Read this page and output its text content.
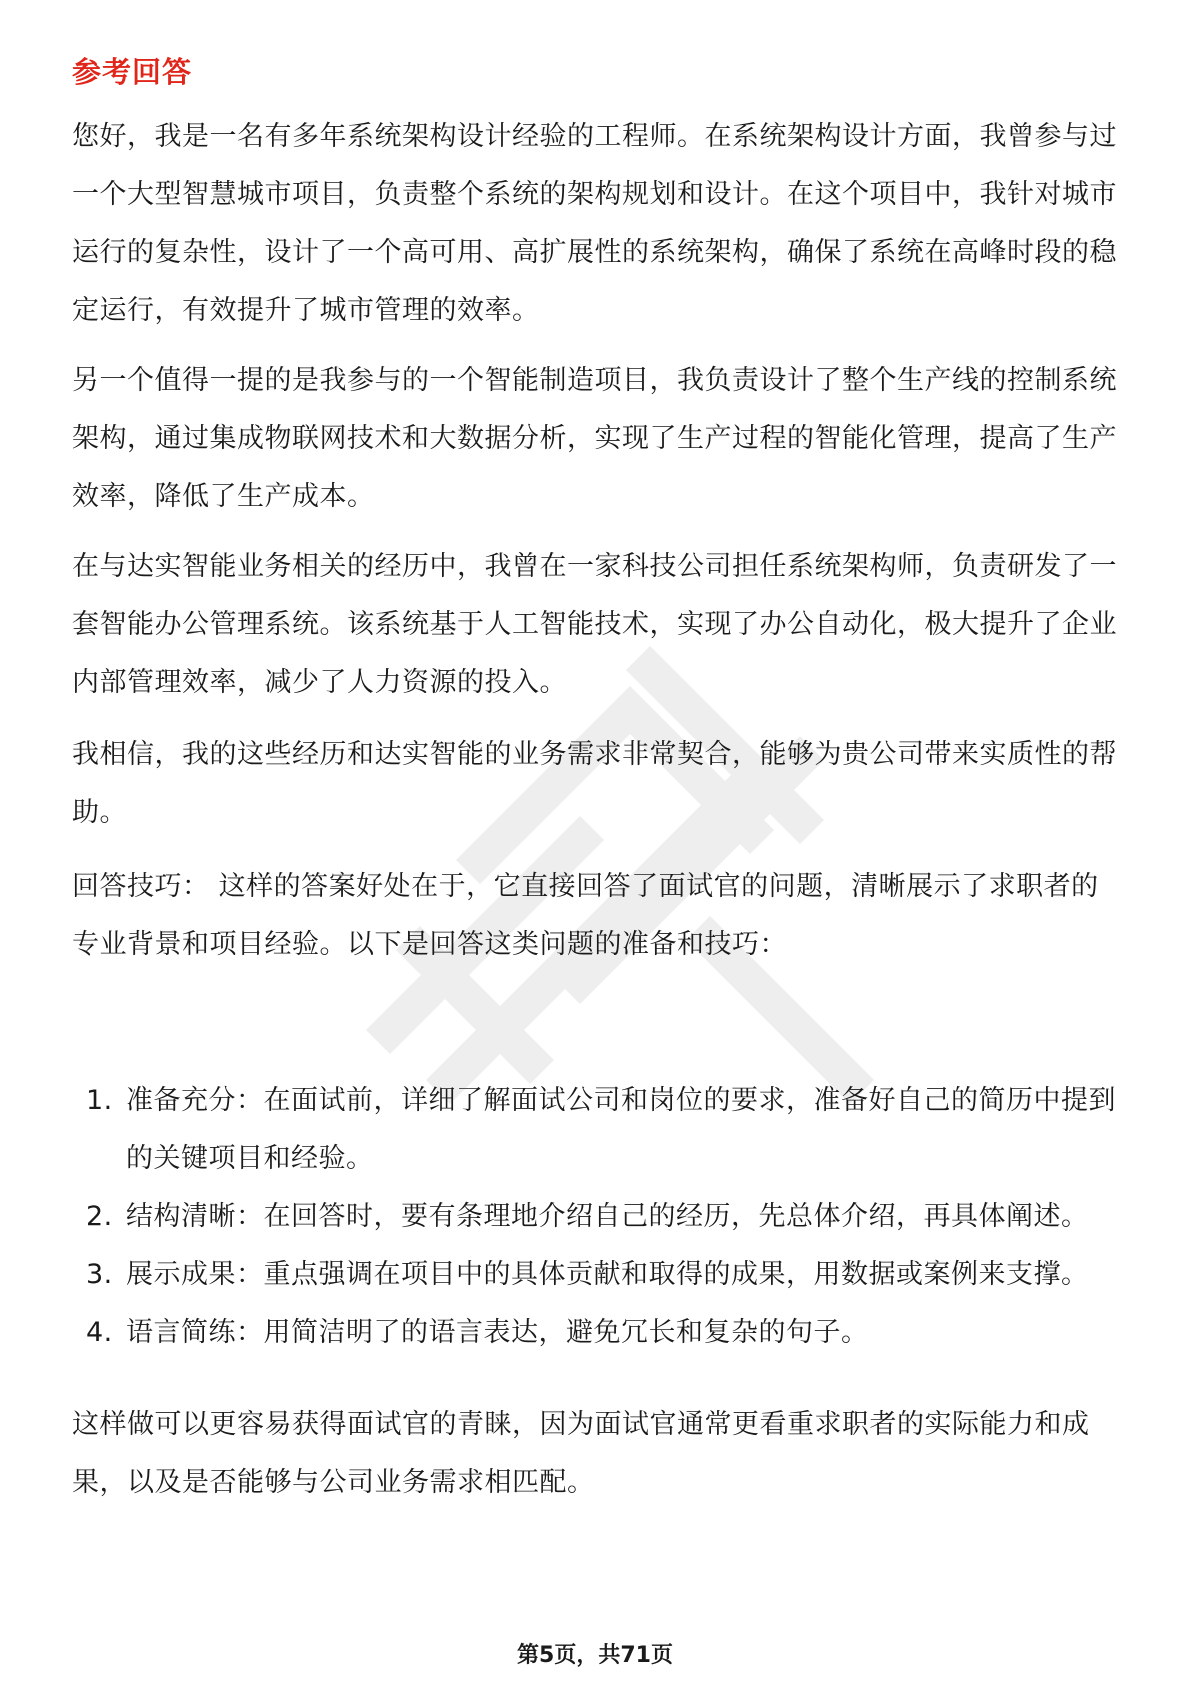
参考回答

您好，我是一名有多年系统架构设计经验的工程师。在系统架构设计方面，我曾参与过一个大型智慧城市项目，负责整个系统的架构规划和设计。在这个项目中，我针对城市运行的复杂性，设计了一个高可用、高扩展性的系统架构，确保了系统在高峰时段的稳定运行，有效提升了城市管理的效率。

另一个值得一提的是我参与的一个智能制造项目，我负责设计了整个生产线的控制系统架构，通过集成物联网技术和大数据分析，实现了生产过程的智能化管理，提高了生产效率，降低了生产成本。

在与达实智能业务相关的经历中，我曾在一家科技公司担任系统架构师，负责研发了一套智能办公管理系统。该系统基于人工智能技术，实现了办公自动化，极大提升了企业内部管理效率，减少了人力资源的投入。

我相信，我的这些经历和达实智能的业务需求非常契合，能够为贵公司带来实质性的帮助。

回答技巧： 这样的答案好处在于，它直接回答了面试官的问题，清晰展示了求职者的专业背景和项目经验。以下是回答这类问题的准备和技巧：

1. 准备充分：在面试前，详细了解面试公司和岗位的要求，准备好自己的简历中提到的关键项目和经验。
2. 结构清晰：在回答时，要有条理地介绍自己的经历，先总体介绍，再具体阐述。
3. 展示成果：重点强调在项目中的具体贡献和取得的成果，用数据或案例来支撑。
4. 语言简练：用简洁明了的语言表达，避免冗长和复杂的句子。

这样做可以更容易获得面试官的青睐，因为面试官通常更看重求职者的实际能力和成果，以及是否能够与公司业务需求相匹配。

第5页，共71页
